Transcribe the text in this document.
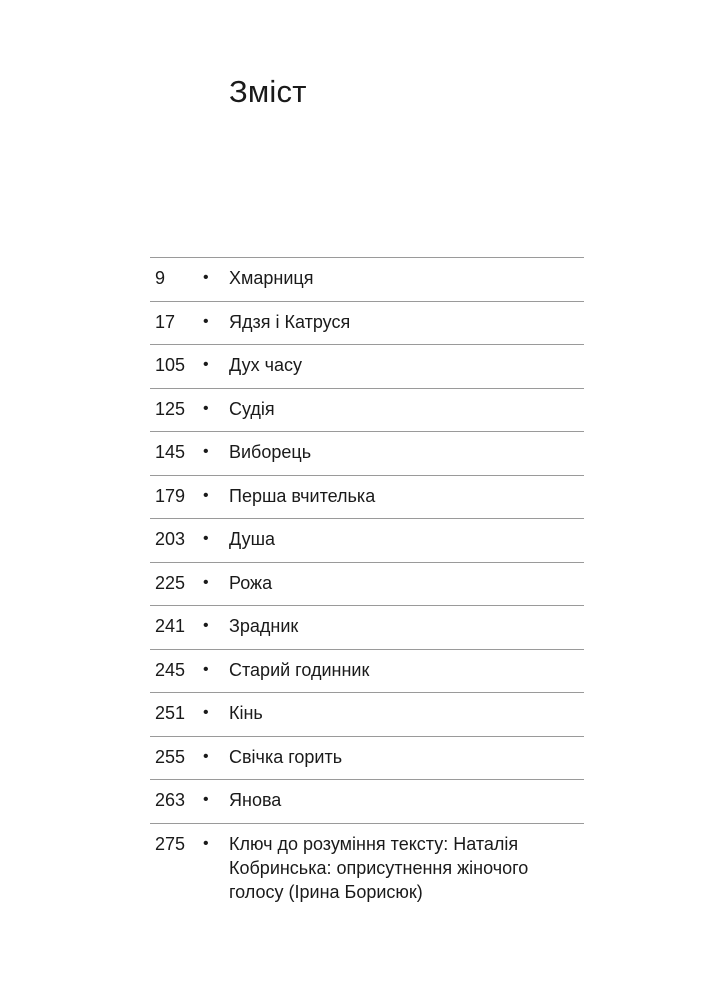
Зміст
9 • Хмарниця
17 • Ядзя і Катруся
105 • Дух часу
125 • Судія
145 • Виборець
179 • Перша вчителька
203 • Душа
225 • Рожа
241 • Зрадник
245 • Старий годинник
251 • Кінь
255 • Свічка горить
263 • Янова
275 • Ключ до розуміння тексту: Наталія Кобринська: оприсутнення жіночого голосу (Ірина Борисюк)
